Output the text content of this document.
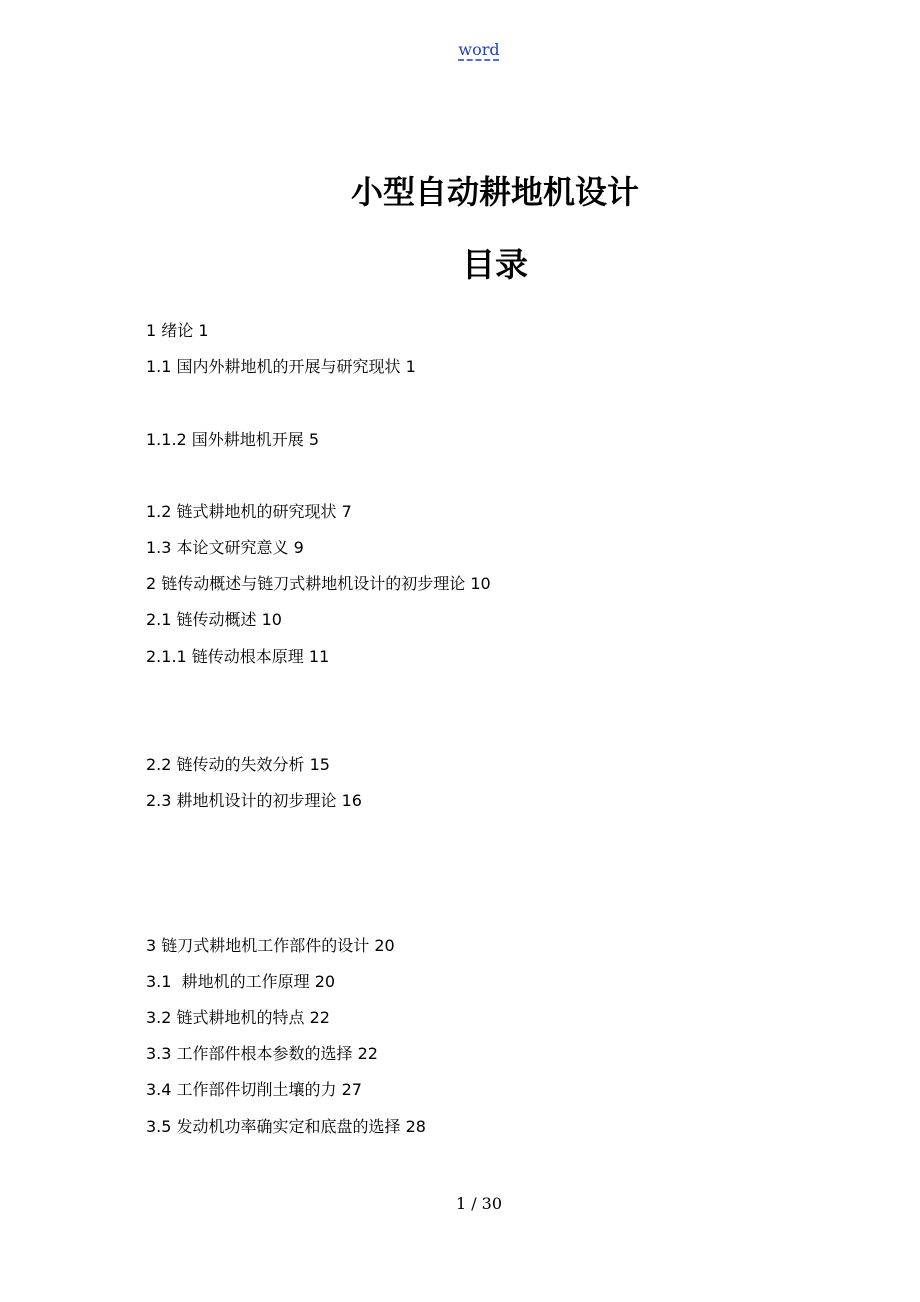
word
小型自动耕地机设计
目录
1 绪论 1
1.1 国内外耕地机的开展与研究现状 1
1.1.2 国外耕地机开展 5
1.2 链式耕地机的研究现状 7
1.3 本论文研究意义 9
2 链传动概述与链刀式耕地机设计的初步理论 10
2.1 链传动概述 10
2.1.1 链传动根本原理 11
2.2 链传动的失效分析 15
2.3 耕地机设计的初步理论 16
3 链刀式耕地机工作部件的设计 20
3.1  耕地机的工作原理 20
3.2 链式耕地机的特点 22
3.3 工作部件根本参数的选择 22
3.4 工作部件切削土壤的力 27
3.5 发动机功率确实定和底盘的选择 28
1 / 30
